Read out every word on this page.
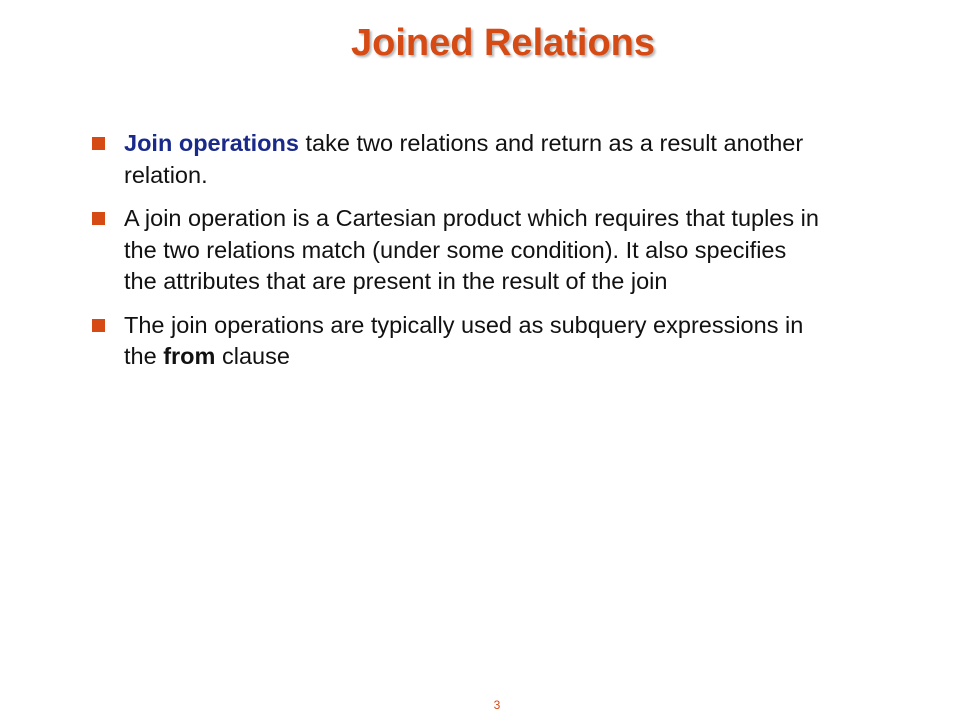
Joined Relations
Join operations take two relations and return as a result another relation.
A join operation is a Cartesian product which requires that tuples in the two relations match (under some condition). It also specifies the attributes that are present in the result of the join
The join operations are typically used as subquery expressions in the from clause
3
